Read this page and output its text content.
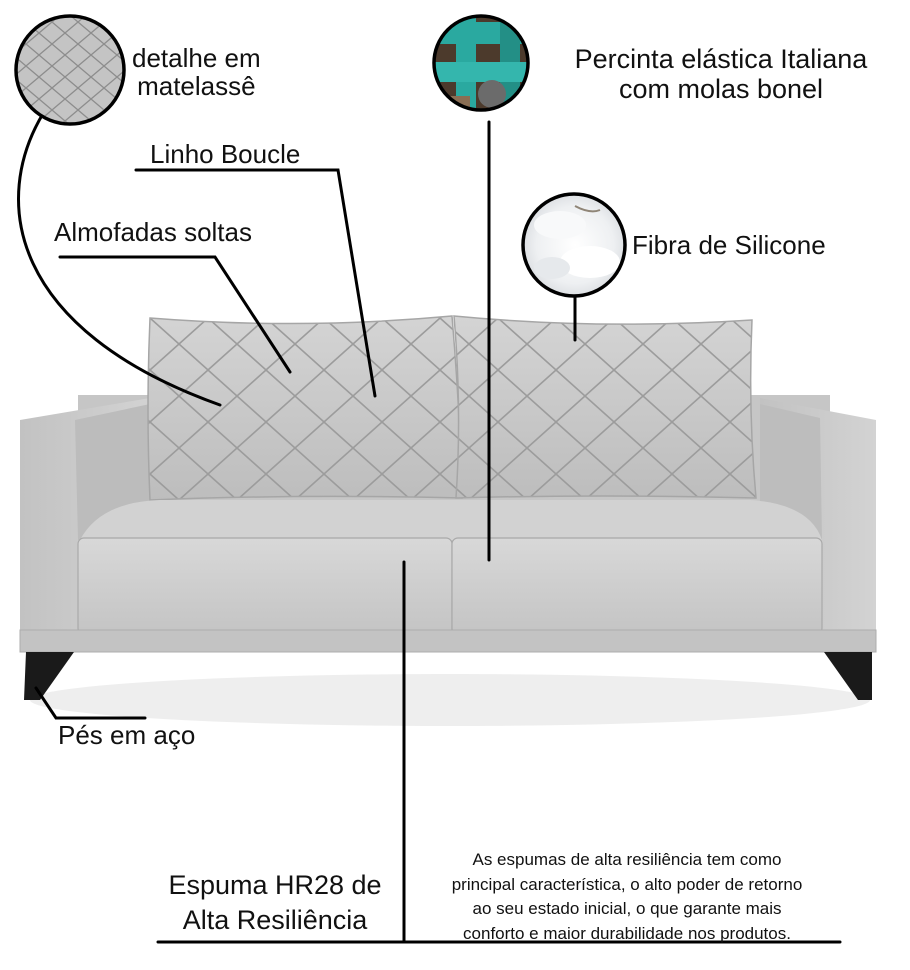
detalhe em
matelassê
Percinta elástica Italiana
com molas bonel
Linho Boucle
Almofadas soltas	Fibra de Silicone
Pés em aço
Espuma HR28 de
Alta Resiliência
As espumas de alta resiliência tem como
principal característica, o alto poder de retorno
ao seu estado inicial, o que garante mais
conforto e maior durabilidade nos produtos.
